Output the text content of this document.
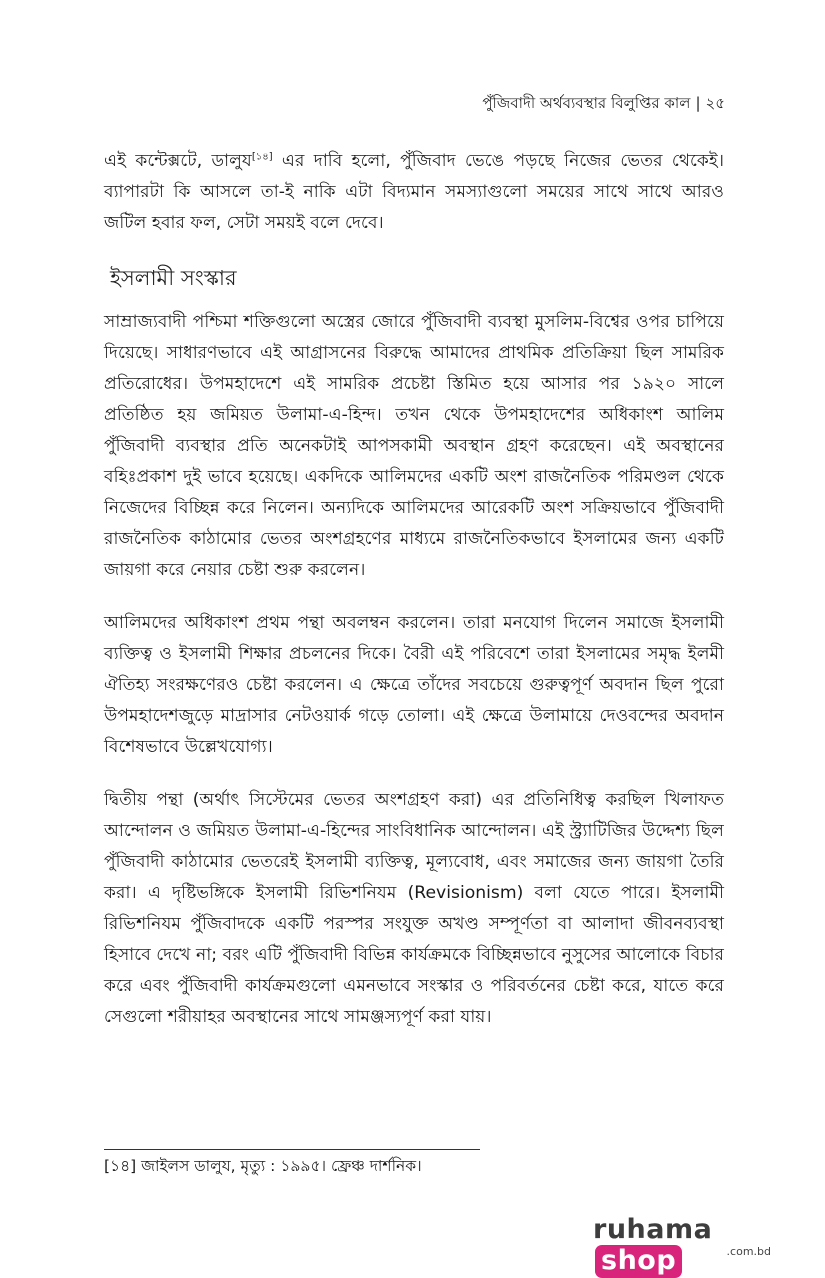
পুঁজিবাদী অর্থব্যবস্থার বিলুপ্তির কাল | ২৫

এই কন্টেক্সটে, ডালুয[১৪] এর দাবি হলো, পুঁজিবাদ ভেঙে পড়ছে নিজের ভেতর থেকেই। ব্যাপারটা কি আসলে তা-ই নাকি এটা বিদ্যমান সমস্যাগুলো সময়ের সাথে সাথে আরও জটিল হবার ফল, সেটা সময়ই বলে দেবে।

ইসলামী সংস্কার

সাম্রাজ্যবাদী পশ্চিমা শক্তিগুলো অস্ত্রের জোরে পুঁজিবাদী ব্যবস্থা মুসলিম-বিশ্বের ওপর চাপিয়ে দিয়েছে। সাধারণভাবে এই আগ্রাসনের বিরুদ্ধে আমাদের প্রাথমিক প্রতিক্রিয়া ছিল সামরিক প্রতিরোধের। উপমহাদেশে এই সামরিক প্রচেষ্টা স্তিমিত হয়ে আসার পর ১৯২০ সালে প্রতিষ্ঠিত হয় জমিয়ত উলামা-এ-হিন্দ। তখন থেকে উপমহাদেশের অধিকাংশ আলিম পুঁজিবাদী ব্যবস্থার প্রতি অনেকটাই আপসকামী অবস্থান গ্রহণ করেছেন। এই অবস্থানের বহিঃপ্রকাশ দুই ভাবে হয়েছে। একদিকে আলিমদের একটি অংশ রাজনৈতিক পরিমণ্ডল থেকে নিজেদের বিচ্ছিন্ন করে নিলেন। অন্যদিকে আলিমদের আরেকটি অংশ সক্রিয়ভাবে পুঁজিবাদী রাজনৈতিক কাঠামোর ভেতর অংশগ্রহণের মাধ্যমে রাজনৈতিকভাবে ইসলামের জন্য একটি জায়গা করে নেয়ার চেষ্টা শুরু করলেন।

আলিমদের অধিকাংশ প্রথম পন্থা অবলম্বন করলেন। তারা মনযোগ দিলেন সমাজে ইসলামী ব্যক্তিত্ব ও ইসলামী শিক্ষার প্রচলনের দিকে। বৈরী এই পরিবেশে তারা ইসলামের সমৃদ্ধ ইলমী ঐতিহ্য সংরক্ষণেরও চেষ্টা করলেন। এ ক্ষেত্রে তাঁদের সবচেয়ে গুরুত্বপূর্ণ অবদান ছিল পুরো উপমহাদেশজুড়ে মাদ্রাসার নেটওয়ার্ক গড়ে তোলা। এই ক্ষেত্রে উলামায়ে দেওবন্দের অবদান বিশেষভাবে উল্লেখযোগ্য।

দ্বিতীয় পন্থা (অর্থাৎ সিস্টেমের ভেতর অংশগ্রহণ করা) এর প্রতিনিধিত্ব করছিল খিলাফত আন্দোলন ও জমিয়ত উলামা-এ-হিন্দের সাংবিধানিক আন্দোলন। এই স্ট্র্যাটিজির উদ্দেশ্য ছিল পুঁজিবাদী কাঠামোর ভেতরেই ইসলামী ব্যক্তিত্ব, মূল্যবোধ, এবং সমাজের জন্য জায়গা তৈরি করা। এ দৃষ্টিভঙ্গিকে ইসলামী রিভিশনিযম (Revisionism) বলা যেতে পারে। ইসলামী রিভিশনিযম পুঁজিবাদকে একটি পরস্পর সংযুক্ত অখণ্ড সম্পূর্ণতা বা আলাদা জীবনব্যবস্থা হিসাবে দেখে না; বরং এটি পুঁজিবাদী বিভিন্ন কার্যক্রমকে বিচ্ছিন্নভাবে নুসুসের আলোকে বিচার করে এবং পুঁজিবাদী কার্যক্রমগুলো এমনভাবে সংস্কার ও পরিবর্তনের চেষ্টা করে, যাতে করে সেগুলো শরীয়াহর অবস্থানের সাথে সামঞ্জস্যপূর্ণ করা যায়।

[১৪] জাইলস ডালুয, মৃত্যু : ১৯৯৫। ফ্রেঞ্চ দার্শনিক।
ruhamashop	.com.bd
